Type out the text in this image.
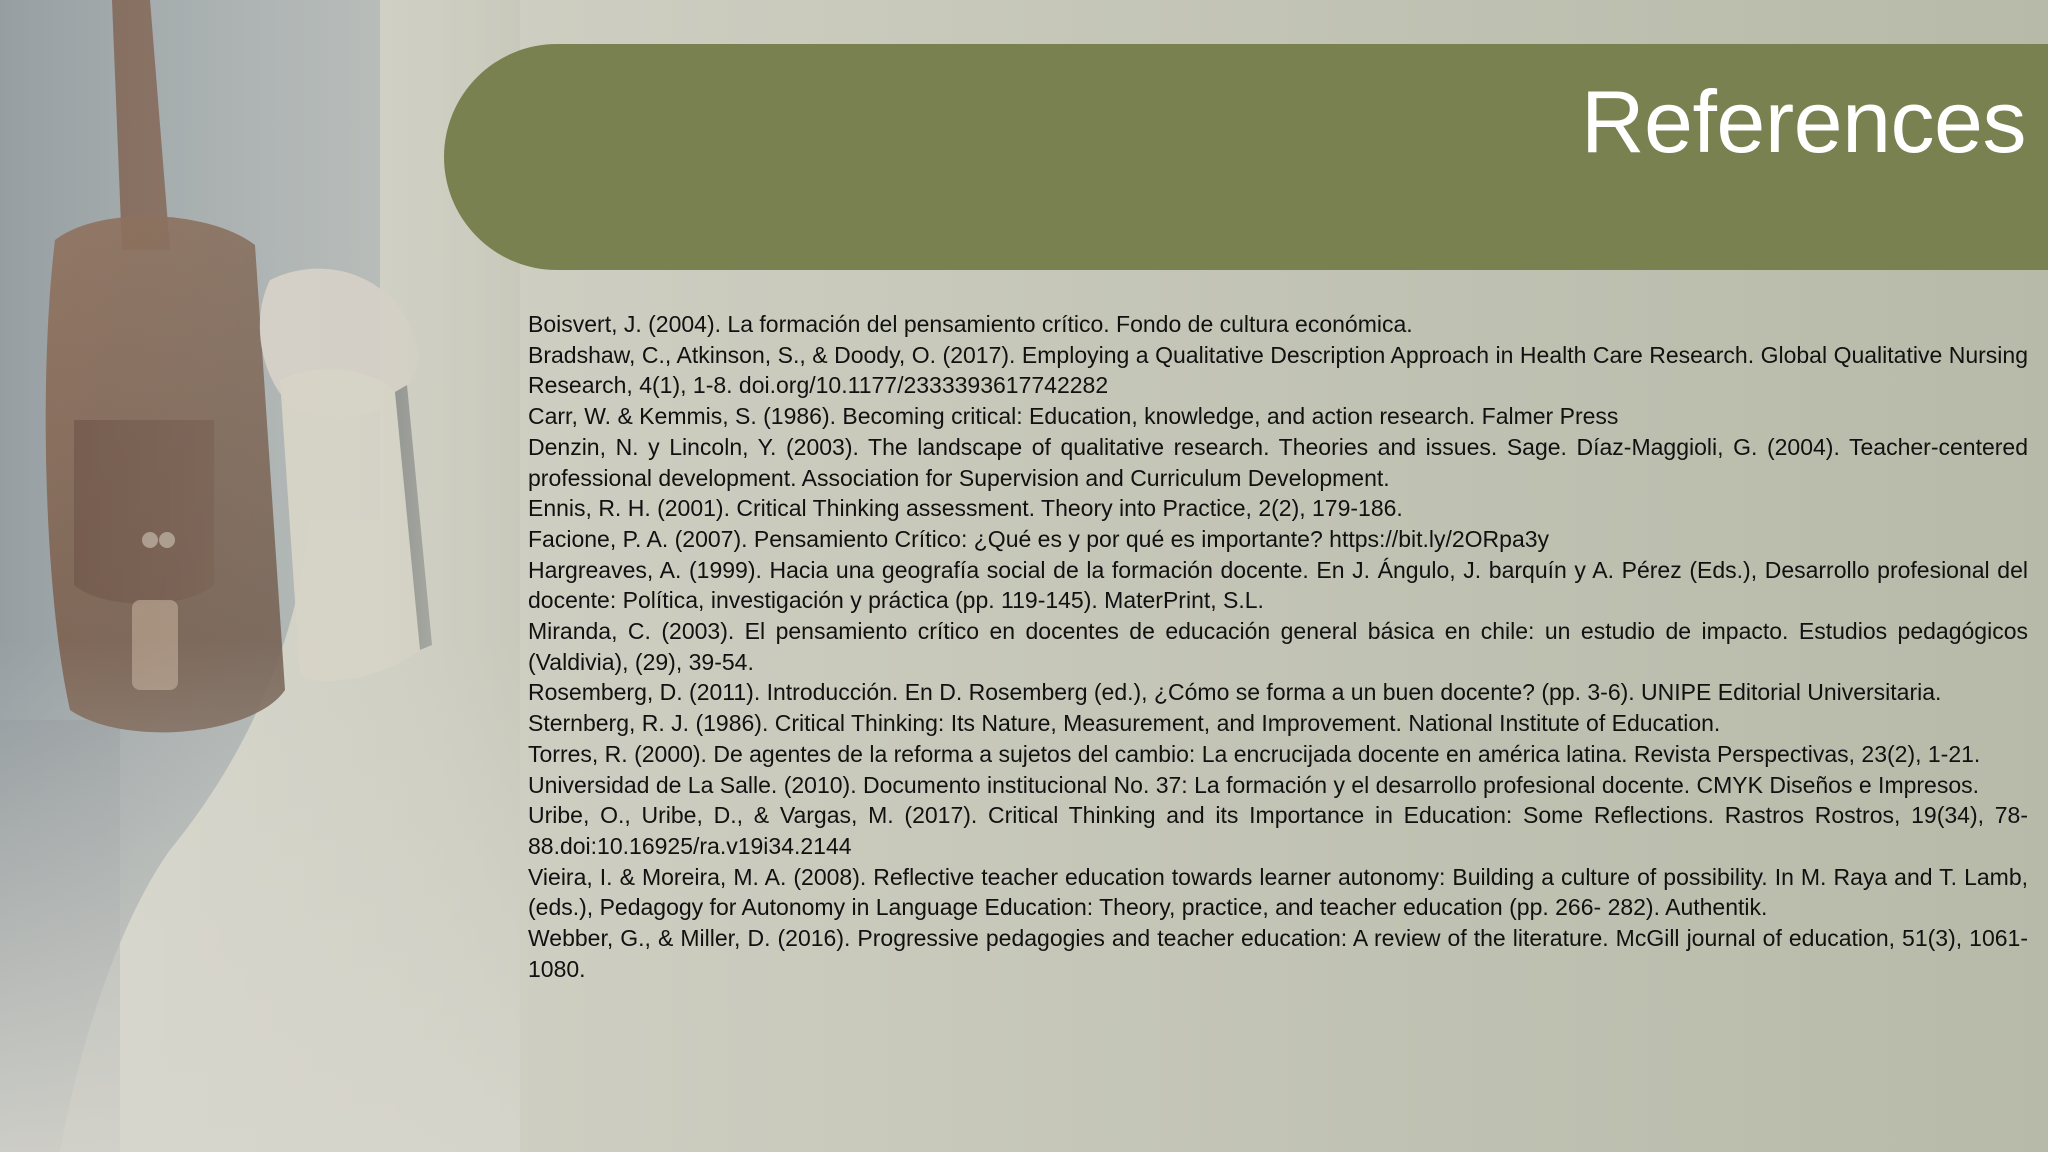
References
Boisvert, J. (2004). La formación del pensamiento crítico. Fondo de cultura económica.
Bradshaw, C., Atkinson, S., & Doody, O. (2017). Employing a Qualitative Description Approach in Health Care Research. Global Qualitative Nursing Research, 4(1), 1-8. doi.org/10.1177/2333393617742282
Carr, W. & Kemmis, S. (1986). Becoming critical: Education, knowledge, and action research. Falmer Press
Denzin, N. y Lincoln, Y. (2003). The landscape of qualitative research. Theories and issues. Sage. Díaz-Maggioli, G. (2004). Teacher-centered professional development. Association for Supervision and Curriculum Development.
Ennis, R. H. (2001). Critical Thinking assessment. Theory into Practice, 2(2), 179-186.
Facione, P. A. (2007). Pensamiento Crítico: ¿Qué es y por qué es importante? https://bit.ly/2ORpa3y
Hargreaves, A. (1999). Hacia una geografía social de la formación docente. En J. Ángulo, J. barquín y A. Pérez (Eds.), Desarrollo profesional del docente: Política, investigación y práctica (pp. 119-145). MaterPrint, S.L.
Miranda, C. (2003). El pensamiento crítico en docentes de educación general básica en chile: un estudio de impacto. Estudios pedagógicos (Valdivia), (29), 39-54.
Rosemberg, D. (2011). Introducción. En D. Rosemberg (ed.), ¿Cómo se forma a un buen docente? (pp. 3-6). UNIPE Editorial Universitaria.
Sternberg, R. J. (1986). Critical Thinking: Its Nature, Measurement, and Improvement. National Institute of Education.
Torres, R. (2000). De agentes de la reforma a sujetos del cambio: La encrucijada docente en américa latina. Revista Perspectivas, 23(2), 1-21.
Universidad de La Salle. (2010). Documento institucional No. 37: La formación y el desarrollo profesional docente. CMYK Diseños e Impresos.
Uribe, O., Uribe, D., & Vargas, M. (2017). Critical Thinking and its Importance in Education: Some Reflections. Rastros Rostros, 19(34), 78-88.doi:10.16925/ra.v19i34.2144
Vieira, I. & Moreira, M. A. (2008). Reflective teacher education towards learner autonomy: Building a culture of possibility. In M. Raya and T. Lamb, (eds.), Pedagogy for Autonomy in Language Education: Theory, practice, and teacher education (pp. 266- 282). Authentik.
Webber, G., & Miller, D. (2016). Progressive pedagogies and teacher education: A review of the literature. McGill journal of education, 51(3), 1061-1080.
